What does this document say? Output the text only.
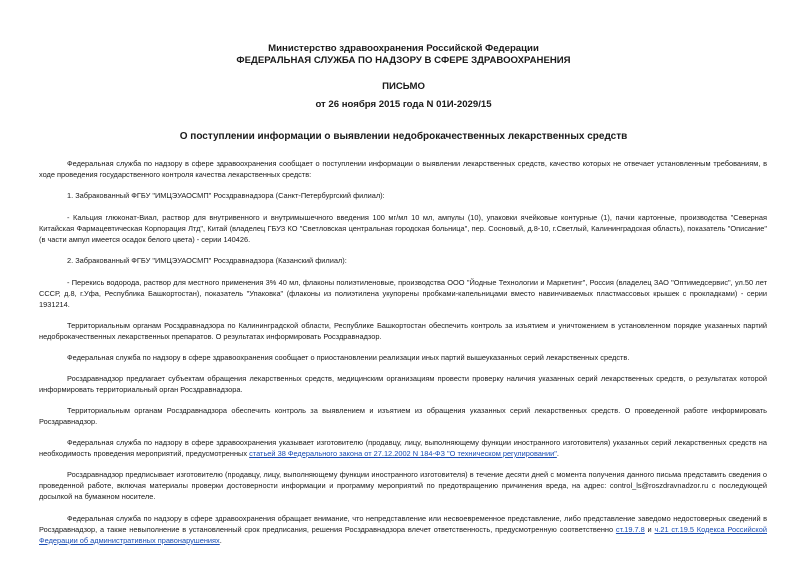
Министерство здравоохранения Российской Федерации
ФЕДЕРАЛЬНАЯ СЛУЖБА ПО НАДЗОРУ В СФЕРЕ ЗДРАВООХРАНЕНИЯ
ПИСЬМО
от 26 ноября 2015 года N 01И-2029/15
О поступлении информации о выявлении недоброкачественных лекарственных средств

Федеральная служба по надзору в сфере здравоохранения сообщает о поступлении информации о выявлении лекарственных средств, качество которых не отвечает установленным требованиям, в ходе проведения государственного контроля качества лекарственных средств:

1. Забракованный ФГБУ "ИМЦЭУАОСМП" Росздравнадзора (Санкт-Петербургский филиал):

- Кальция глюконат-Виал, раствор для внутривенного и внутримышечного введения 100 мг/мл 10 мл, ампулы (10), упаковки ячейковые контурные (1), пачки картонные, производства "Северная Китайская Фармацевтическая Корпорация Лтд", Китай (владелец ГБУЗ КО "Светловская центральная городская больница", пер. Сосновый, д.8-10, г.Светлый, Калининградская область), показатель "Описание" (в части ампул имеется осадок белого цвета) - серии 140426.

2. Забракованный ФГБУ "ИМЦЭУАОСМП" Росздравнадзора (Казанский филиал):

- Перекись водорода, раствор для местного применения 3% 40 мл, флаконы полиэтиленовые, производства ООО "Йодные Технологии и Маркетинг", Россия (владелец ЗАО "Оптимедсервис", ул.50 лет СССР, д.8, г.Уфа, Республика Башкортостан), показатель "Упаковка" (флаконы из полиэтилена укупорены пробками-капельницами вместо навинчиваемых пластмассовых крышек с прокладками) - серии 1931214.

Территориальным органам Росздравнадзора по Калининградской области, Республике Башкортостан обеспечить контроль за изъятием и уничтожением в установленном порядке указанных партий недоброкачественных лекарственных препаратов. О результатах информировать Росздравнадзор.

Федеральная служба по надзору в сфере здравоохранения сообщает о приостановлении реализации иных партий вышеуказанных серий лекарственных средств.

Росздравнадзор предлагает субъектам обращения лекарственных средств, медицинским организациям провести проверку наличия указанных серий лекарственных средств, о результатах которой информировать территориальный орган Росздравнадзора.

Территориальным органам Росздравнадзора обеспечить контроль за выявлением и изъятием из обращения указанных серий лекарственных средств. О проведенной работе информировать Росздравнадзор.

Федеральная служба по надзору в сфере здравоохранения указывает изготовителю (продавцу, лицу, выполняющему функции иностранного изготовителя) указанных серий лекарственных средств на необходимость проведения мероприятий, предусмотренных статьей 38 Федерального закона от 27.12.2002 N 184-ФЗ "О техническом регулировании".

Росздравнадзор предписывает изготовителю (продавцу, лицу, выполняющему функции иностранного изготовителя) в течение десяти дней с момента получения данного письма представить сведения о проведенной работе, включая материалы проверки достоверности информации и программу мероприятий по предотвращению причинения вреда, на адрес: control_ls@roszdravnadzor.ru с последующей досылкой на бумажном носителе.

Федеральная служба по надзору в сфере здравоохранения обращает внимание, что непредставление или несвоевременное представление, либо представление заведомо недостоверных сведений в Росздравнадзор, а также невыполнение в установленный срок предписания, решения Росздравнадзора влечет ответственность, предусмотренную соответственно ст.19.7.8 и ч.21 ст.19.5 Кодекса Российской Федерации об административных правонарушениях.
